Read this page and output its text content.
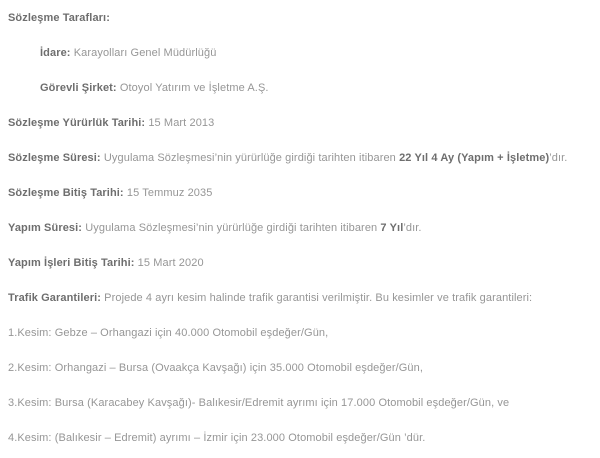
Sözleşme Tarafları:

İdare: Karayolları Genel Müdürlüğü

Görevli Şirket: Otoyol Yatırım ve İşletme A.Ş.

Sözleşme Yürürlük Tarihi: 15 Mart 2013

Sözleşme Süresi: Uygulama Sözleşmesi’nin yürürlüğe girdiği tarihten itibaren 22 Yıl 4 Ay (Yapım + İşletme)’dır.

Sözleşme Bitiş Tarihi: 15 Temmuz 2035

Yapım Süresi: Uygulama Sözleşmesi’nin yürürlüğe girdiği tarihten itibaren 7 Yıl’dır.

Yapım İşleri Bitiş Tarihi: 15 Mart 2020

Trafik Garantileri: Projede 4 ayrı kesim halinde trafik garantisi verilmiştir. Bu kesimler ve trafik garantileri:

1.Kesim: Gebze – Orhangazi için 40.000 Otomobil eşdeğer/Gün,

2.Kesim: Orhangazi – Bursa (Ovaakça Kavşağı) için 35.000 Otomobil eşdeğer/Gün,

3.Kesim: Bursa (Karacabey Kavşağı)- Balıkesir/Edremit ayrımı için 17.000 Otomobil eşdeğer/Gün, ve

4.Kesim: (Balıkesir – Edremit) ayrımı – İzmir için 23.000 Otomobil eşdeğer/Gün ’dür.
